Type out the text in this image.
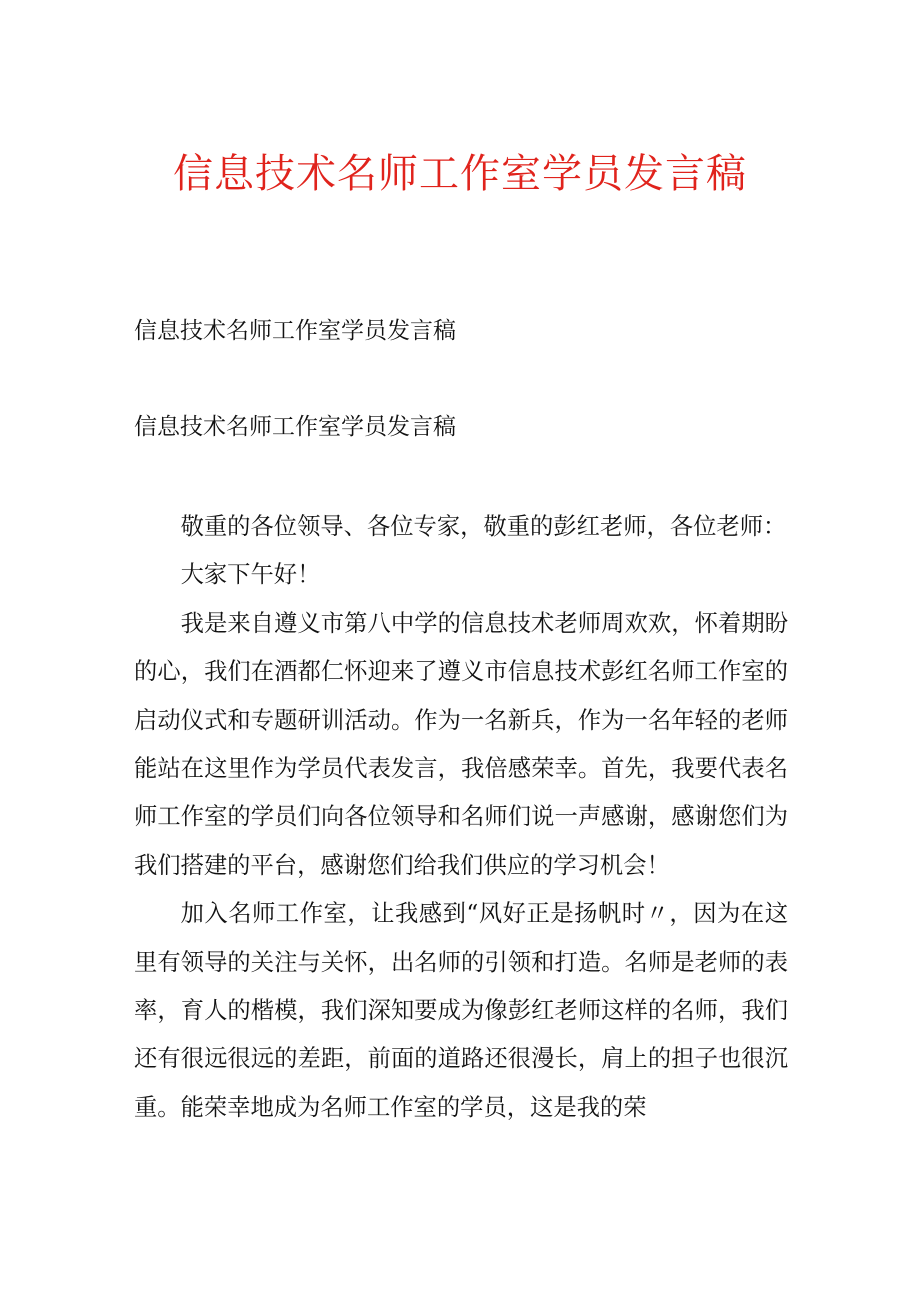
信息技术名师工作室学员发言稿
信息技术名师工作室学员发言稿
信息技术名师工作室学员发言稿

敬重的各位领导、各位专家，敬重的彭红老师，各位老师：

大家下午好！

我是来自遵义市第八中学的信息技术老师周欢欢，怀着期盼的心，我们在酒都仁怀迎来了遵义市信息技术彭红名师工作室的启动仪式和专题研训活动。作为一名新兵，作为一名年轻的老师能站在这里作为学员代表发言，我倍感荣幸。首先，我要代表名师工作室的学员们向各位领导和名师们说一声感谢，感谢您们为我们搭建的平台，感谢您们给我们供应的学习机会！

加入名师工作室，让我感到“风好正是扬帆时〃，因为在这里有领导的关注与关怀，出名师的引领和打造。名师是老师的表率，育人的楷模，我们深知要成为像彭红老师这样的名师，我们还有很远很远的差距，前面的道路还很漫长，肩上的担子也很沉重。能荣幸地成为名师工作室的学员，这是我的荣
